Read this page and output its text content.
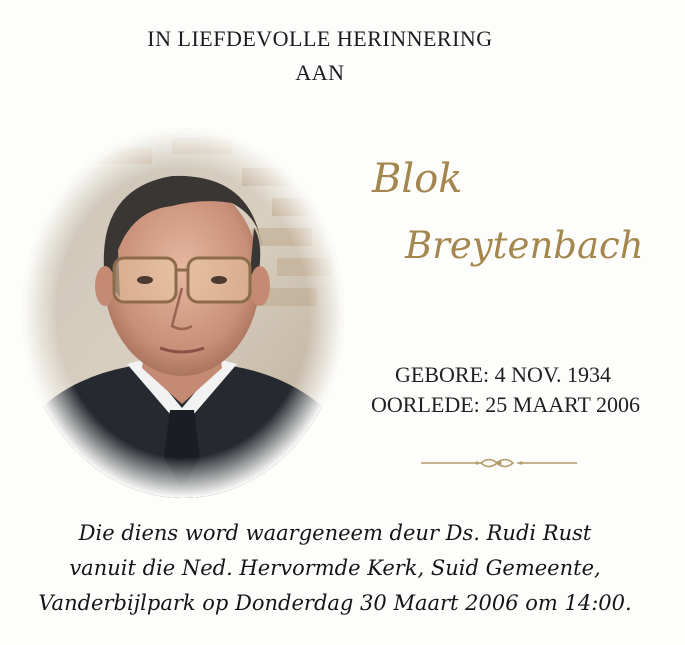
IN LIEFDEVOLLE HERINNERING
AAN
Blok
Breytenbach
GEBORE: 4 NOV. 1934
OORLEDE: 25 MAART 2006
Die diens word waargeneem deur Ds. Rudi Rust
vanuit die Ned. Hervormde Kerk, Suid Gemeente,
Vanderbijlpark op Donderdag 30 Maart 2006 om 14:00.
